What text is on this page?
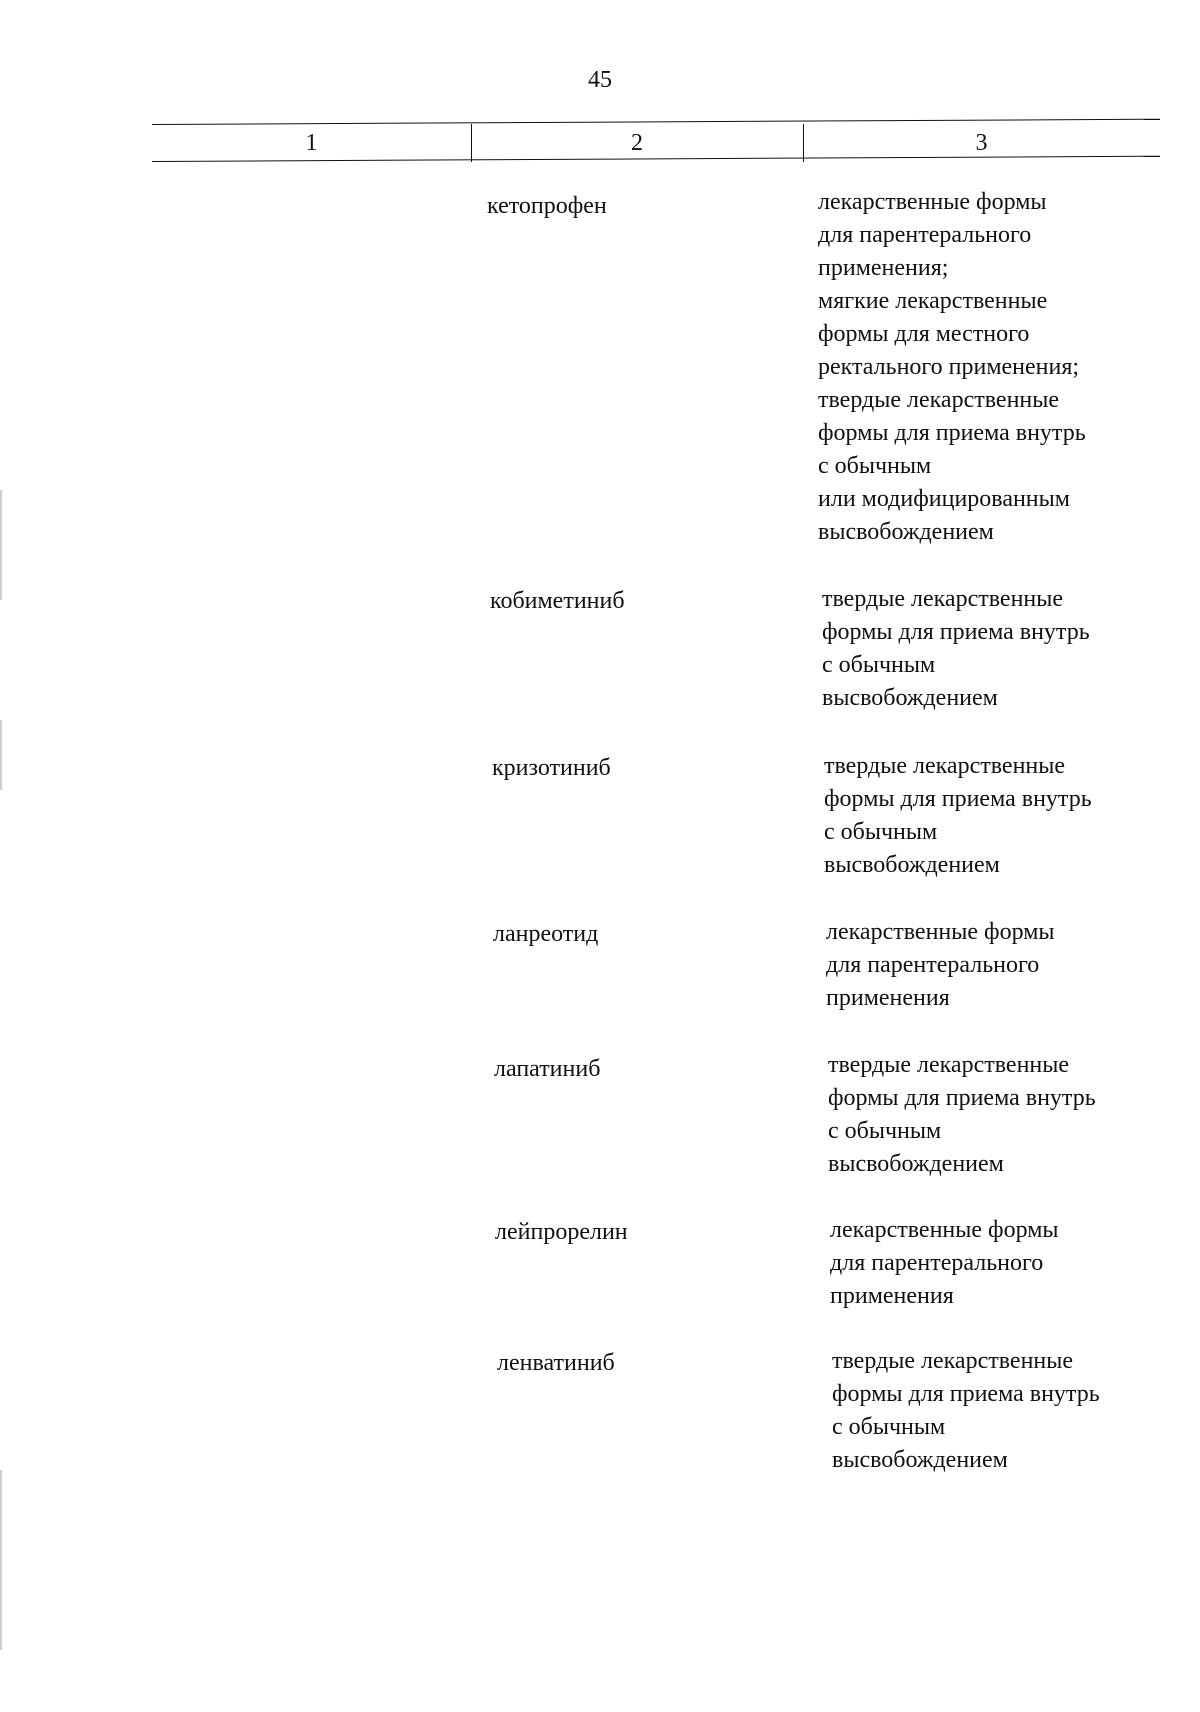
45
1	2	3
кетопрофен	лекарственные формы
для парентерального
применения;
мягкие лекарственные
формы для местного
ректального применения;
твердые лекарственные
формы для приема внутрь
с обычным
или модифицированным
высвобождением
кобиметиниб	твердые лекарственные
формы для приема внутрь
с обычным
высвобождением
кризотиниб	твердые лекарственные
формы для приема внутрь
с обычным
высвобождением
ланреотид	лекарственные формы
для парентерального
применения
лапатиниб	твердые лекарственные
формы для приема внутрь
с обычным
высвобождением
лейпрорелин	лекарственные формы
для парентерального
применения
ленватиниб	твердые лекарственные
формы для приема внутрь
с обычным
высвобождением
